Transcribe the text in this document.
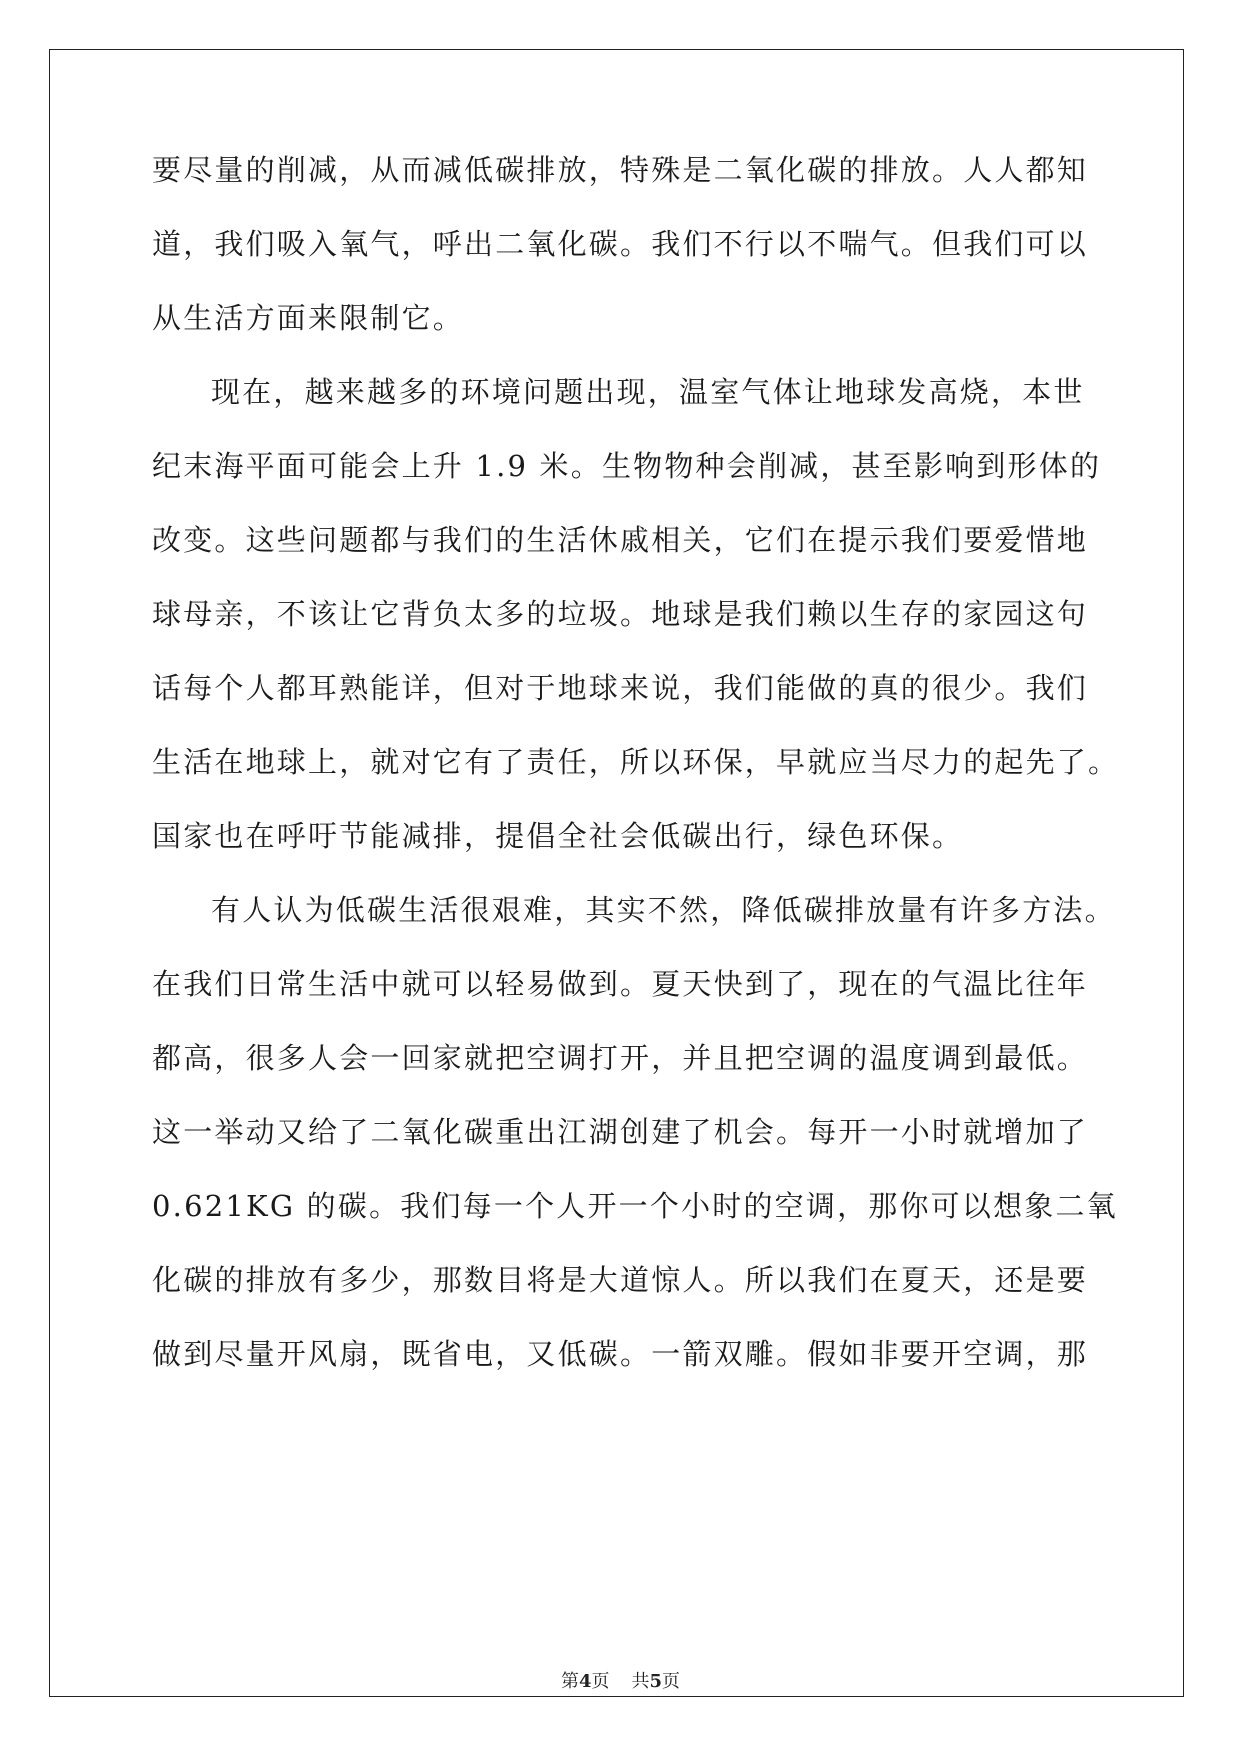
要尽量的削减，从而减低碳排放，特殊是二氧化碳的排放。人人都知
道，我们吸入氧气，呼出二氧化碳。我们不行以不喘气。但我们可以
从生活方面来限制它。
现在，越来越多的环境问题出现，温室气体让地球发高烧，本世
纪末海平面可能会上升 1.9 米。生物物种会削减，甚至影响到形体的
改变。这些问题都与我们的生活休戚相关，它们在提示我们要爱惜地
球母亲，不该让它背负太多的垃圾。地球是我们赖以生存的家园这句
话每个人都耳熟能详，但对于地球来说，我们能做的真的很少。我们
生活在地球上，就对它有了责任，所以环保，早就应当尽力的起先了。
国家也在呼吁节能减排，提倡全社会低碳出行，绿色环保。
有人认为低碳生活很艰难，其实不然，降低碳排放量有许多方法。
在我们日常生活中就可以轻易做到。夏天快到了，现在的气温比往年
都高，很多人会一回家就把空调打开，并且把空调的温度调到最低。
这一举动又给了二氧化碳重出江湖创建了机会。每开一小时就增加了
0.621KG 的碳。我们每一个人开一个小时的空调，那你可以想象二氧
化碳的排放有多少，那数目将是大道惊人。所以我们在夏天，还是要
做到尽量开风扇，既省电，又低碳。一箭双雕。假如非要开空调，那
第4页 共5页
